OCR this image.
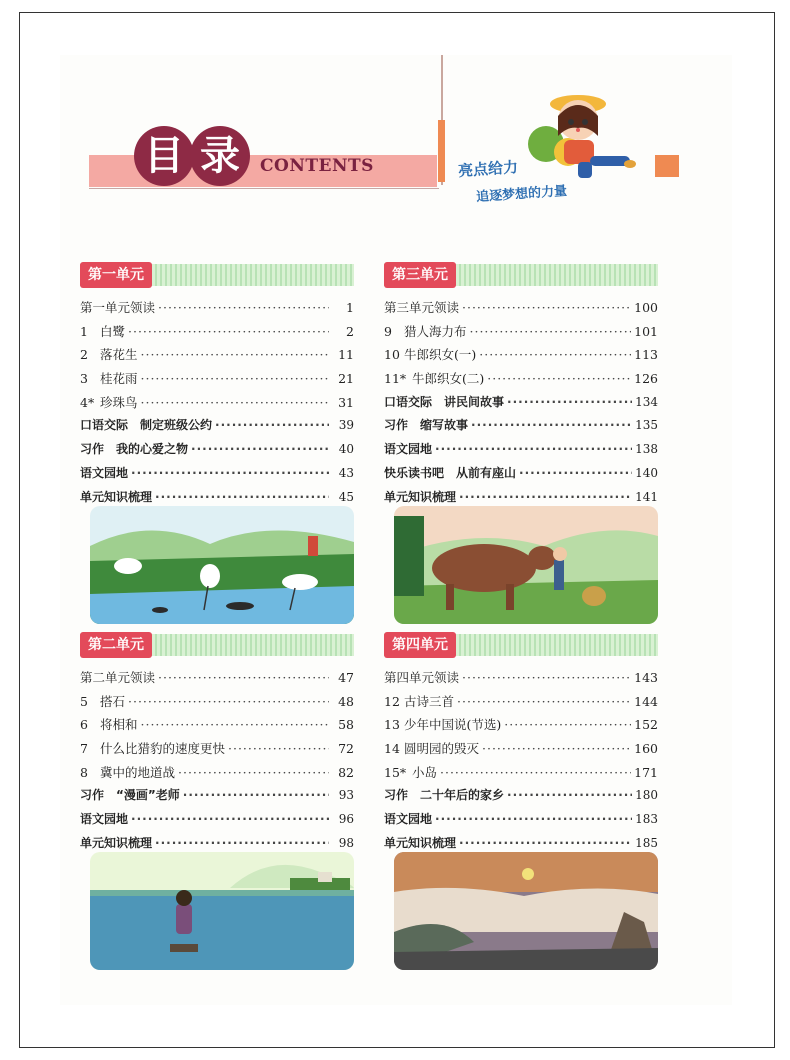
目 录	CONTENTS	亮点给力
追逐梦想的力量
第一单元
第一单元领读 ·····	1
1 白鹭 ·····	2
2 落花生 ·····	11
3 桂花雨 ·····	21
4* 珍珠鸟 ·····	31
口语交际　制定班级公约 ·····	39
习作　我的心爱之物 ·····	40
语文园地 ·····	43
单元知识梳理 ·····	45
第二单元
第二单元领读 ·····	47
5 搭石 ·····	48
6 将相和 ·····	58
7 什么比猎豹的速度更快 ·····	72
8 冀中的地道战 ·····	82
习作　“漫画”老师 ·····	93
语文园地 ·····	96
单元知识梳理 ·····	98
第三单元
第三单元领读 ·····	100
9 猎人海力布 ·····	101
10 牛郎织女(一) ·····	113
11* 牛郎织女(二) ·····	126
口语交际　讲民间故事 ·····	134
习作　缩写故事 ·····	135
语文园地 ·····	138
快乐读书吧　从前有座山 ·····	140
单元知识梳理 ·····	141
第四单元
第四单元领读 ·····	143
12 古诗三首 ·····	144
13 少年中国说(节选) ·····	152
14 圆明园的毁灭 ·····	160
15* 小岛 ·····	171
习作　二十年后的家乡 ·····	180
语文园地 ·····	183
单元知识梳理 ·····	185
